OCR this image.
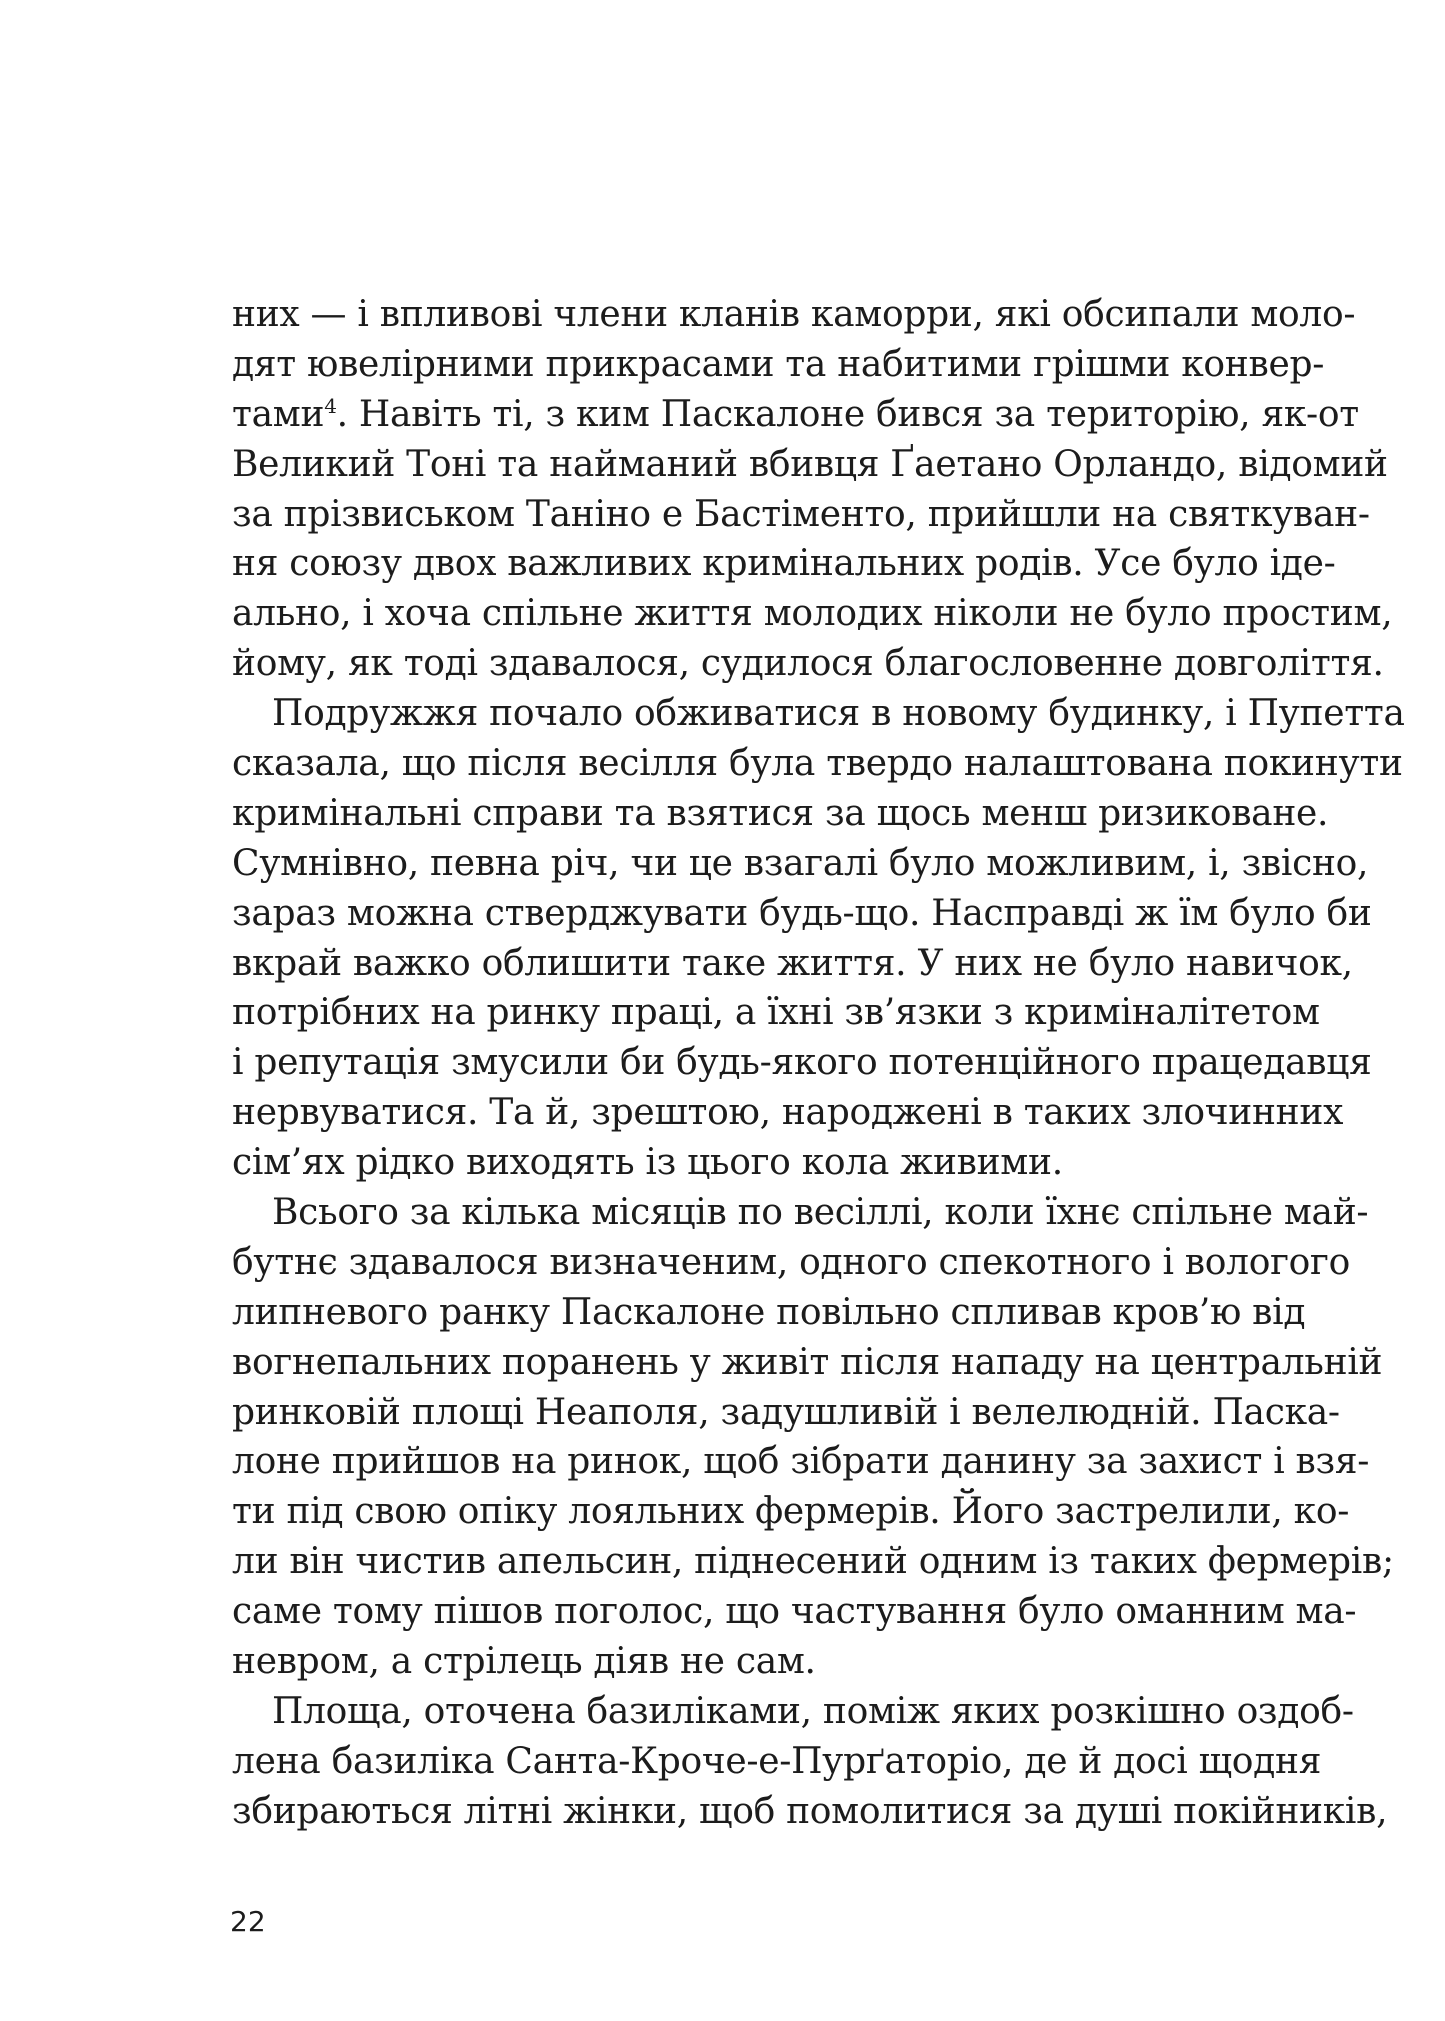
них — і впливові члени кланів каморри, які обсипали моло-
дят ювелірними прикрасами та набитими грішми конвер-
тами$^4$. Навіть ті, з ким Паскалоне бився за територію, як-от
Великий Тоні та найманий вбивця Ґаетано Орландо, відомий
за прізвиськом Таніно е Бастіменто, прийшли на святкуван-
ня союзу двох важливих кримінальних родів. Усе було іде-
ально, і хоча спільне життя молодих ніколи не було простим,
йому, як тоді здавалося, судилося благословенне довголіття.
Подружжя почало обживатися в новому будинку, і Пупетта
сказала, що після весілля була твердо налаштована покинути
кримінальні справи та взятися за щось менш ризиковане.
Сумнівно, певна річ, чи це взагалі було можливим, і, звісно,
зараз можна стверджувати будь-що. Насправді ж їм було би
вкрай важко облишити таке життя. У них не було навичок,
потрібних на ринку праці, а їхні зв’язки з криміналітетом
і репутація змусили би будь-якого потенційного працедавця
нервуватися. Та й, зрештою, народжені в таких злочинних
сім’ях рідко виходять із цього кола живими.
Всього за кілька місяців по весіллі, коли їхнє спільне май-
бутнє здавалося визначеним, одного спекотного і вологого
липневого ранку Паскалоне повільно спливав кров’ю від
вогнепальних поранень у живіт після нападу на центральній
ринковій площі Неаполя, задушливій і велелюдній. Паска-
лоне прийшов на ринок, щоб зібрати данину за захист і взя-
ти під свою опіку лояльних фермерів. Його застрелили, ко-
ли він чистив апельсин, піднесений одним із таких фермерів;
саме тому пішов поголос, що частування було оманним ма-
невром, а стрілець діяв не сам.
Площа, оточена базиліками, поміж яких розкішно оздоб-
лена базиліка Санта-Кроче-е-Пурґаторіо, де й досі щодня
збираються літні жінки, щоб помолитися за душі покійників,
22
